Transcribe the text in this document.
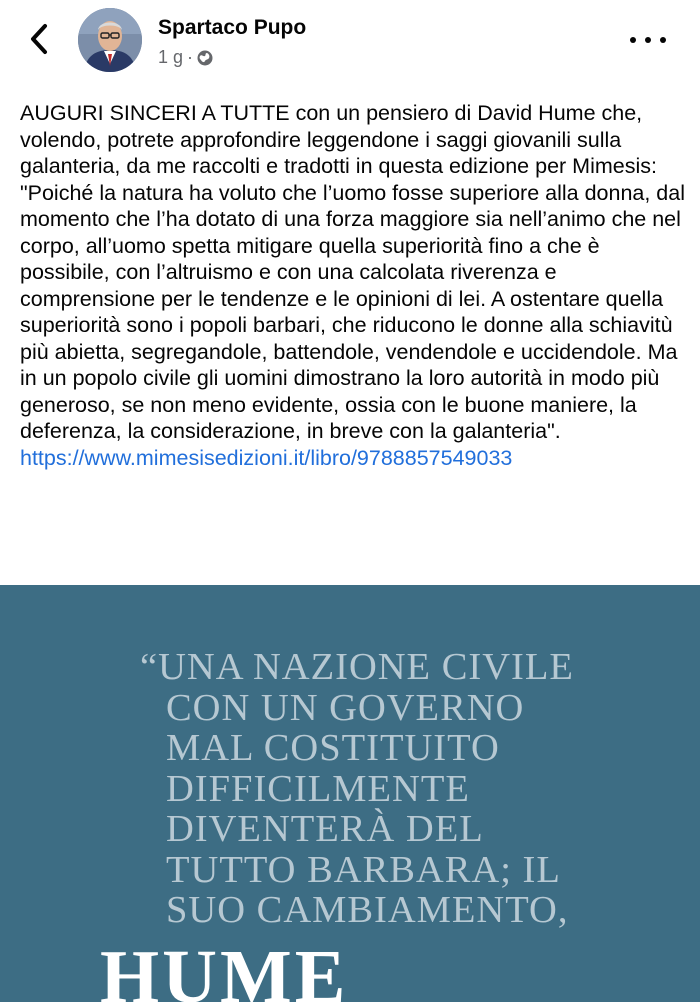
Spartaco Pupo
1 g ·

AUGURI SINCERI A TUTTE con un pensiero di David Hume che, volendo, potrete approfondire leggendone i saggi giovanili sulla galanteria, da me raccolti e tradotti in questa edizione per Mimesis:

"Poiché la natura ha voluto che l’uomo fosse superiore alla donna, dal momento che l’ha dotato di una forza maggiore sia nell’animo che nel corpo, all’uomo spetta mitigare quella superiorità fino a che è possibile, con l’altruismo e con una calcolata riverenza e comprensione per le tendenze e le opinioni di lei. A ostentare quella superiorità sono i popoli barbari, che riducono le donne alla schiavitù più abietta, segregandole, battendole, vendendole e uccidendole. Ma in un popolo civile gli uomini dimostrano la loro autorità in modo più generoso, se non meno evidente, ossia con le buone maniere, la deferenza, la considerazione, in breve con la galanteria".

https://www.mimesisedizioni.it/libro/9788857549033
“UNA NAZIONE CIVILE
CON UN GOVERNO
MAL COSTITUITO
DIFFICILMENTE
DIVENTERÀ DEL
TUTTO BARBARA; IL
SUO CAMBIAMENTO,
HUME
